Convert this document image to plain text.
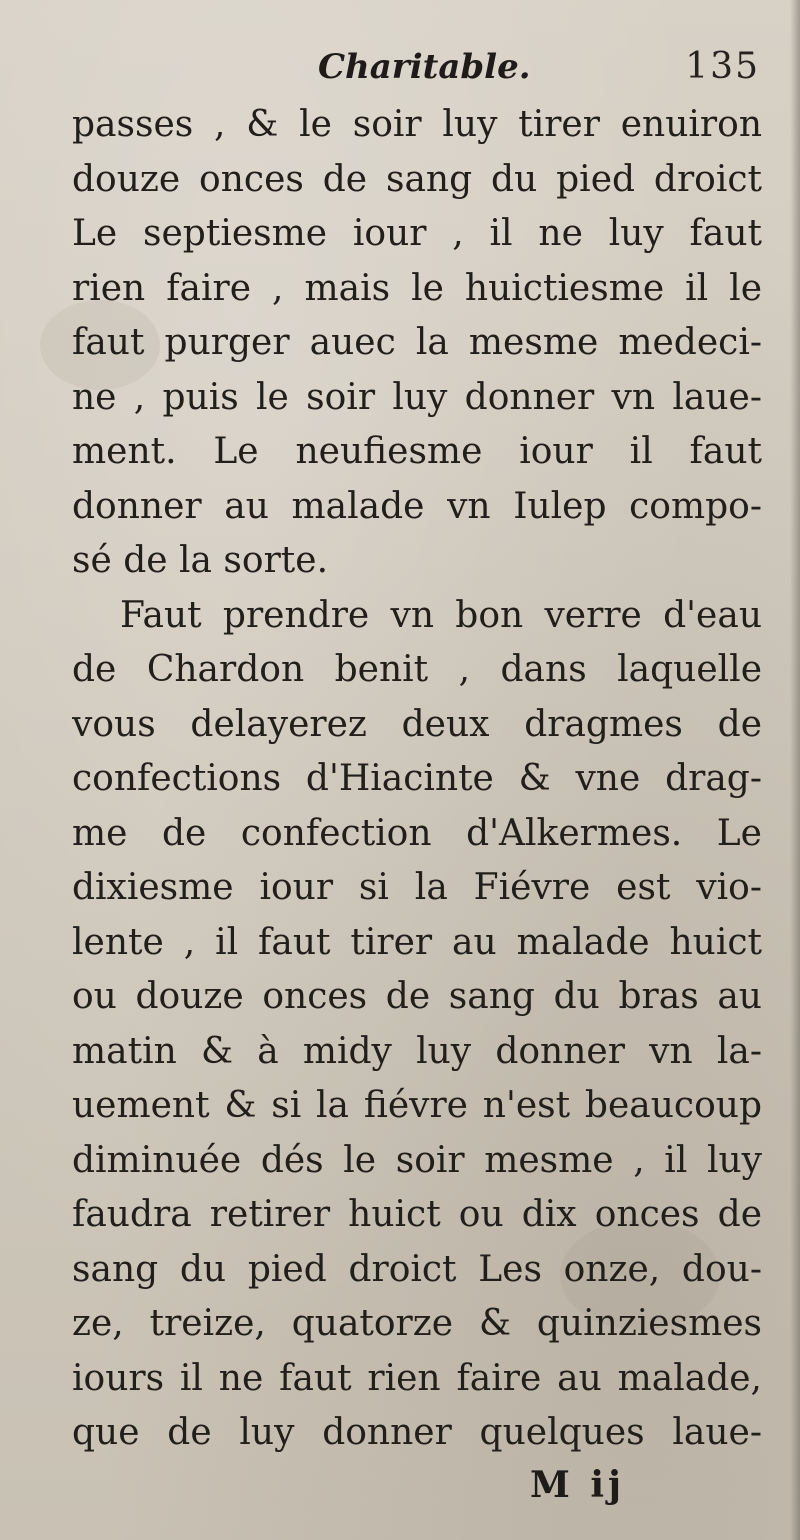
Charitable.	135
passes , & le soir luy tirer enuiron
douze onces de sang du pied droict
Le septiesme iour , il ne luy faut
rien faire , mais le huictiesme il le
faut purger auec la mesme medeci-
ne , puis le soir luy donner vn laue-
ment. Le neufiesme iour il faut
donner au malade vn Iulep compo-
sé de la sorte.
Faut prendre vn bon verre d'eau
de Chardon benit , dans laquelle
vous delayerez deux dragmes de
confections d'Hiacinte & vne drag-
me de confection d'Alkermes. Le
dixiesme iour si la Fiévre est vio-
lente , il faut tirer au malade huict
ou douze onces de sang du bras au
matin & à midy luy donner vn la-
uement & si la fiévre n'est beaucoup
diminuée dés le soir mesme , il luy
faudra retirer huict ou dix onces de
sang du pied droict Les onze, dou-
ze, treize, quatorze & quinziesmes
iours il ne faut rien faire au malade,
que de luy donner quelques laue-
M ij
